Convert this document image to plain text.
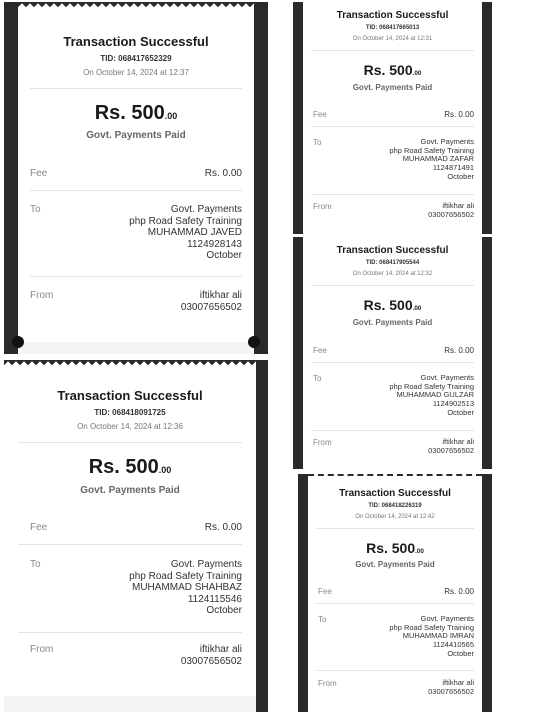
Transaction Successful
TID: 068417652329
On October 14, 2024 at 12:37
Rs. 500.00
Govt. Payments Paid
Fee	Rs. 0.00
To	Govt. Payments
php Road Safety Training
MUHAMMAD JAVED
1124928143
October
From	iftikhar ali
03007656502
Transaction Successful
TID: 068418091725
On October 14, 2024 at 12:36
Rs. 500.00
Govt. Payments Paid
Fee	Rs. 0.00
To	Govt. Payments
php Road Safety Training
MUHAMMAD SHAHBAZ
1124115546
October
From	iftikhar ali
03007656502
Transaction Successful
TID: 068417665013
On October 14, 2024 at 12:31
Rs. 500.00
Govt. Payments Paid
Fee	Rs. 0.00
To	Govt. Payments
php Road Safety Training
MUHAMMAD ZAFAR
1124871491
October
From	iftikhar ali
03007656502
Transaction Successful
TID: 068417905544
On October 14, 2024 at 12:32
Rs. 500.00
Govt. Payments Paid
Fee	Rs. 0.00
To	Govt. Payments
php Road Safety Training
MUHAMMAD GULZAR
1124902513
October
From	iftikhar ali
03007656502
Transaction Successful
TID: 068418226319
On October 14, 2024 at 12:42
Rs. 500.00
Govt. Payments Paid
Fee	Rs. 0.00
To	Govt. Payments
php Road Safety Training
MUHAMMAD IMRAN
1124410565
October
From	iftikhar ali
03007656502
